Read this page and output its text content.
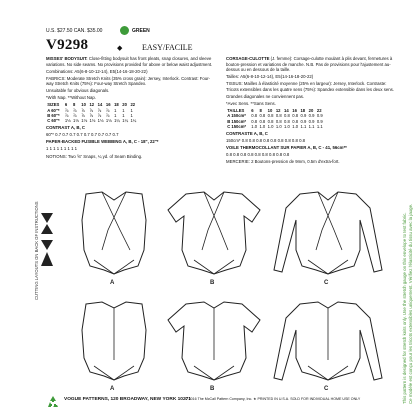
U.S. $27.50 CAN. $35.00	GREEN
V9298	◆ EASY/FACILE

MISSES' BODYSUIT: Close-fitting bodysuit has front pleats, snap closures, and sleeve variations. No side seams. No provisions provided for above or below waist adjustment.

Combinations: A5(6-8-10-12-14), E5(14-16-18-20-22)

FABRICS: Moderate Stretch Knits (35% cross grain): Jersey, Interlock. Contrast: Four-way Stretch Knits (75%): Four-way Stretch Spandex.

Unsuitable for obvious diagonals.

*With Nap. **Without Nap.

SIZES	6	8	10	12	14	16	18	20	22
A 60"*	⅞	⅞	⅞	⅞	⅞	⅞	1	1	1
B 60"*	⅞	⅞	⅞	⅞	⅞	⅞	1	1	1
C 60"*	1⅛	1⅛	1⅛	1⅛	1⅛	1⅛	1¼	1¼	1¼

CONTRAST A, B, C

60"* 0.7 0.7 0.7 0.7 0.7 0.7 0.7 0.7 0.7

PAPER-BACKED FUSIBLE WEBBING A, B, C - 18", 22"*

1 1 1 1 1 1 1 1 1

NOTIONS: Two ⅝" Snaps, ¼ yd. of Seam Binding.

CORSAGE-CULOTTE (J. femme): Corsage-culotte moulant à plis devant, fermetures à bouton-pression et variations de manche. N.B. Pas de provisions pour l'ajustement au-dessus ou en dessous de la taille.

Tailles: A5(6-8-10-12-14), E5(14-16-18-20-22)

TISSUS: Mailles à élasticité moyenne (25% en largeur): Jersey, Interlock. Contraste: Tricots extensibles dans les quatre sens (75%): Spandex extensible dans les deux sens.

Grandes diagonales ne conviennent pas.

*Avec Sens. **Sans Sens.

TAILLES	6	8	10	12	14	16	18	20	22
A 150cm*	0.8	0.8	0.8	0.8	0.8	0.8	0.9	0.9	0.9
B 150cm*	0.8	0.8	0.8	0.8	0.8	0.8	0.9	0.9	0.9
C 150cm*	1.0	1.0	1.0	1.0	1.0	1.0	1.1	1.1	1.1

CONTRASTE A, B, C

150cm* 0.8 0.8 0.8 0.8 0.8 0.8 0.8 0.8 0.8

VOILE THERMOCOLLANT SUR PAPIER A, B, C - 41, 56cm**

0.8 0.8 0.8 0.8 0.8 0.8 0.8 0.8 0.8

MERCERIE: 2 Boutons-pression de 9mm, 0.5m d'extra-fort.

CUTTING LAYOUTS ON BACK OF INSTRUCTIONS	A	B	C
A	B	C
VOGUE PATTERNS, 120 BROADWAY, NEW YORK 10271
© 2016 The McCall Pattern Company, Inc. ★ PRINTED IN U.S.A. SOLD FOR INDIVIDUAL HOME USE ONLY	This pattern is designed for stretch knits only. Use the stretch gauge on this envelope to test fabric. Ce modèle est conçu pour les tricots extensibles uniquement. Vérifiez l'élasticité du tissu avec la jauge.
